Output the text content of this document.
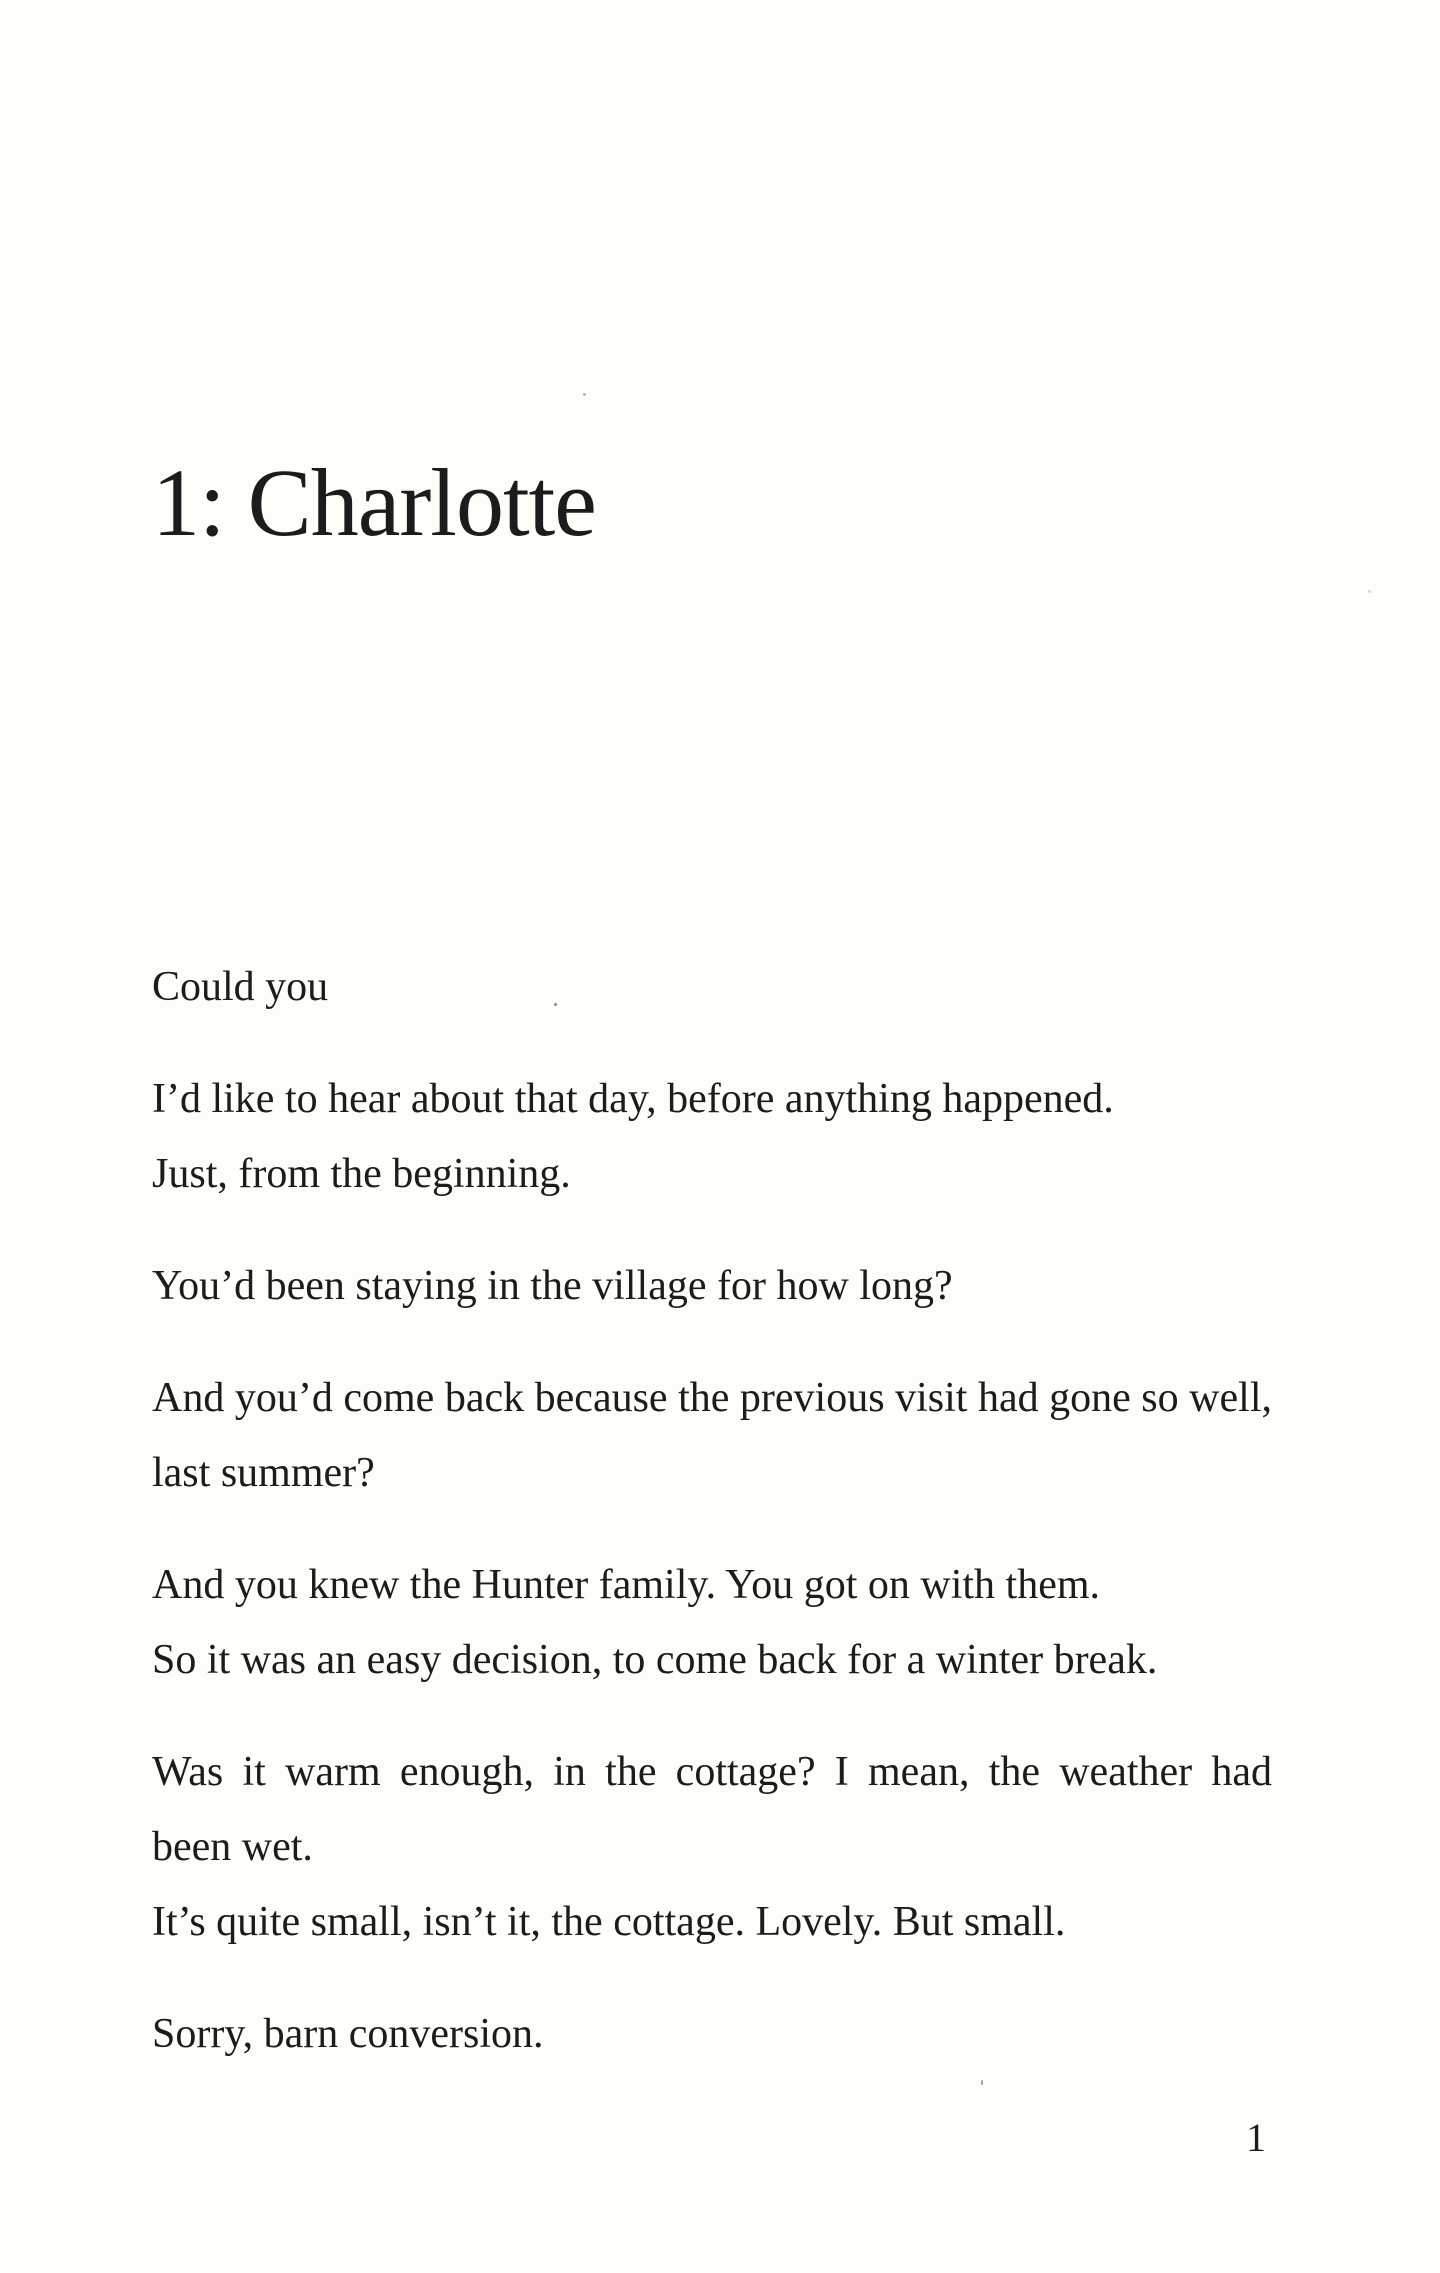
1: Charlotte

Could you

I’d like to hear about that day, before anything happened.

Just, from the beginning.

You’d been staying in the village for how long?

And you’d come back because the previous visit had gone so well,

last summer?

And you knew the Hunter family. You got on with them.

So it was an easy decision, to come back for a winter break.

Was it warm enough, in the cottage? I mean, the weather had

been wet.

It’s quite small, isn’t it, the cottage. Lovely. But small.

Sorry, barn conversion.

1
